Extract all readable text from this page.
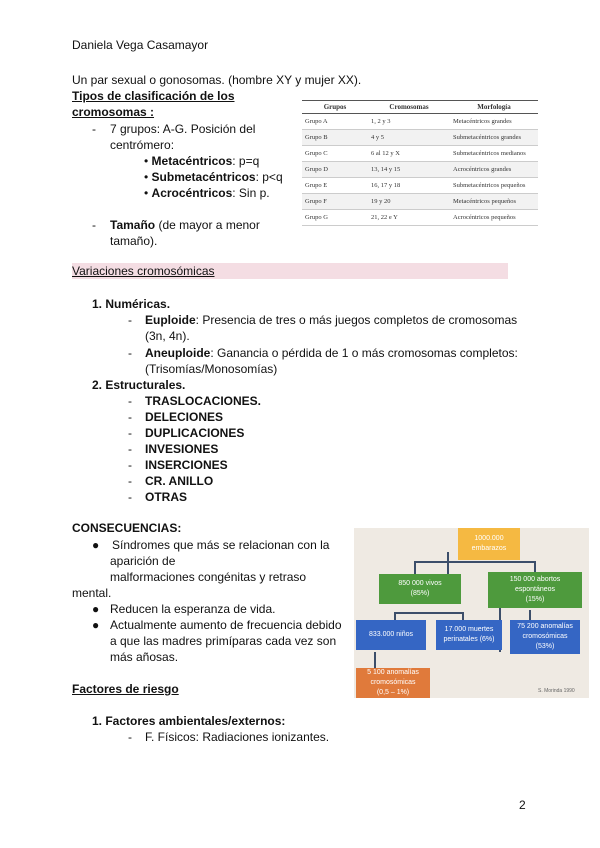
Daniela Vega Casamayor
Un par sexual o gonosomas. (hombre XY y mujer XX).
Tipos de clasificación de los
cromosomas :
- 7 grupos: A-G. Posición del
centrómero:
• Metacéntricos: p=q
• Submetacéntricos: p<q
• Acrocéntricos: Sin p.
- Tamaño (de mayor a menor
tamaño).
Grupos	Cromosomas	Morfología
Grupo A	1, 2 y 3	Metacéntricos grandes
Grupo B	4 y 5	Submetacéntricos grandes
Grupo C	6 al 12 y X	Submetacéntricos medianos
Grupo D	13, 14 y 15	Acrocéntricos grandes
Grupo E	16, 17 y 18	Submetacéntricos pequeños
Grupo F	19 y 20	Metacéntricos pequeños
Grupo G	21, 22 e Y	Acrocéntricos pequeños
Variaciones cromosómicas
1. Numéricas.
- Euploide: Presencia de tres o más juegos completos de cromosomas
(3n, 4n).
- Aneuploide: Ganancia o pérdida de 1 o más cromosomas completos:
(Trisomías/Monosomías)
2. Estructurales.
- TRASLOCACIONES.
- DELECIONES
- DUPLICACIONES
- INVESIONES
- INSERCIONES
- CR. ANILLO
- OTRAS
CONSECUENCIAS:
● Síndromes que más se relacionan con la
aparición de
malformaciones congénitas y retraso
mental.
● Reducen la esperanza de vida.
● Actualmente aumento de frecuencia debido
a que las madres primíparas cada vez son
más añosas.
1000.000
embarazos
850 000 vivos
(85%)
150 000 abortos
espontáneos
(15%)
833.000 niños
17.000 muertes
perinatales (6%)
75 200 anomalías
cromosómicas
(53%)
5 100 anomalías
cromosómicas
(0,5 – 1%)	S. Morinda 1990
Factores de riesgo
1. Factores ambientales/externos:
- F. Físicos: Radiaciones ionizantes.
2
